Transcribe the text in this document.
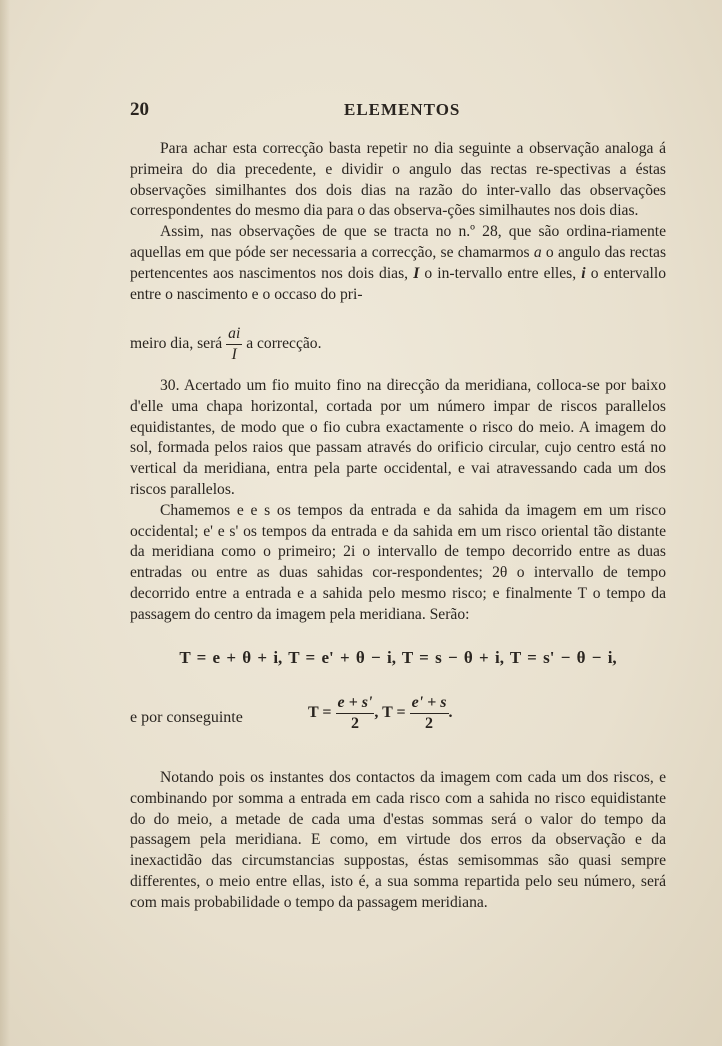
20	ELEMENTOS

Para achar esta correcção basta repetir no dia seguinte a observação analoga á primeira do dia precedente, e dividir o angulo das rectas re-spectivas a éstas observações similhantes dos dois dias na razão do inter-vallo das observações correspondentes do mesmo dia para o das observa-ções similhautes nos dois dias.

Assim, nas observações de que se tracta no n.º 28, que são ordina-riamente aquellas em que póde ser necessaria a correcção, se chamarmos a o angulo das rectas pertencentes aos nascimentos nos dois dias, I o in-tervallo entre elles, i o entervallo entre o nascimento e o occaso do pri-

meiro dia, será $\frac{ai}{I}$ a correcção.

30. Acertado um fio muito fino na direcção da meridiana, colloca-se por baixo d'elle uma chapa horizontal, cortada por um número impar de riscos parallelos equidistantes, de modo que o fio cubra exactamente o risco do meio. A imagem do sol, formada pelos raios que passam através do orificio circular, cujo centro está no vertical da meridiana, entra pela parte occidental, e vai atravessando cada um dos riscos parallelos.

Chamemos e e s os tempos da entrada e da sahida da imagem em um risco occidental; e' e s' os tempos da entrada e da sahida em um risco oriental tão distante da meridiana como o primeiro; 2i o intervallo de tempo decorrido entre as duas entradas ou entre as duas sahidas cor-respondentes; 2θ o intervallo de tempo decorrido entre a entrada e a sahida pelo mesmo risco; e finalmente T o tempo da passagem do centro da imagem pela meridiana. Serão:

T = e + θ + i, T = e' + θ − i, T = s − θ + i, T = s' − θ − i,
e por conseguinte	$T = \frac{e + s'}{2}$ , $T = \frac{e' + s}{2}$ .

Notando pois os instantes dos contactos da imagem com cada um dos riscos, e combinando por somma a entrada em cada risco com a sahida no risco equidistante do do meio, a metade de cada uma d'estas sommas será o valor do tempo da passagem pela meridiana. E como, em virtude dos erros da observação e da inexactidão das circumstancias suppostas, éstas semisommas são quasi sempre differentes, o meio entre ellas, isto é, a sua somma repartida pelo seu número, será com mais probabilidade o tempo da passagem meridiana.
